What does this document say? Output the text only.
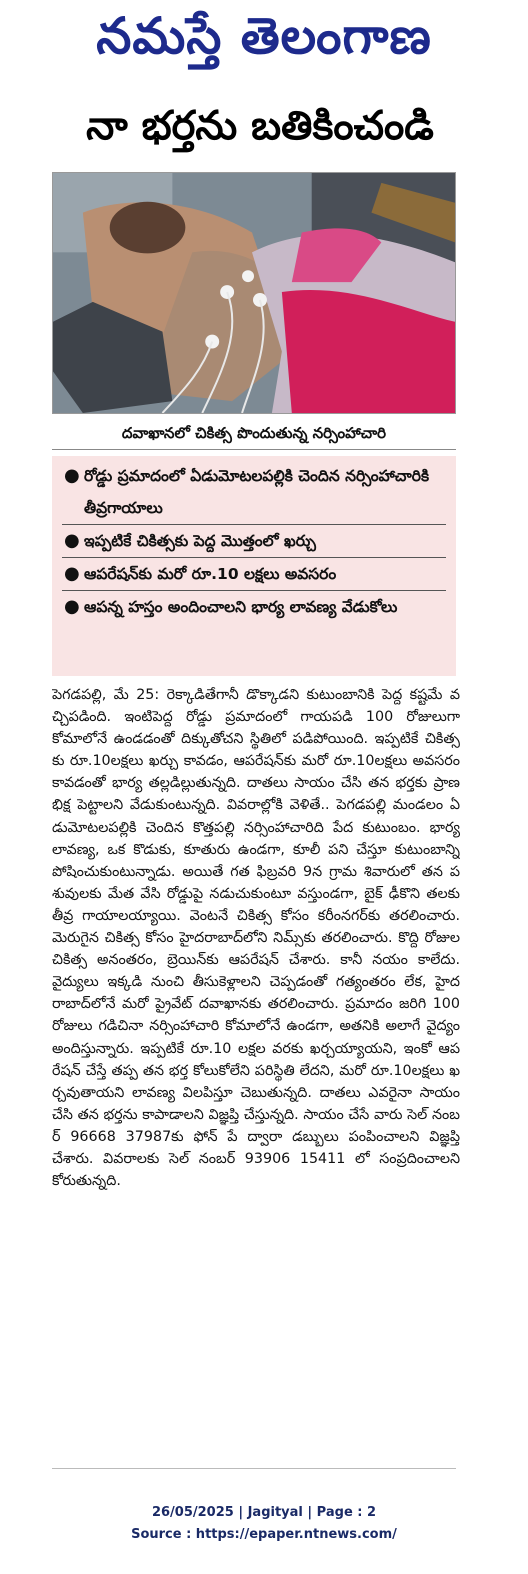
నమస్తే తెలంగాణ
నా భర్తను బతికించండి
దవాఖానలో చికిత్స పొందుతున్న నర్సింహాచారి
● రోడ్డు ప్రమాదంలో ఏడుమోటలపల్లికి చెందిన నర్సింహాచారికి తీవ్రగాయాలు
● ఇప్పటికే చికిత్సకు పెద్ద మొత్తంలో ఖర్చు
● ఆపరేషన్‌కు మరో రూ.10 లక్షలు అవసరం
● ఆపన్న హస్తం అందించాలని భార్య లావణ్య వేడుకోలు
పెగడపల్లి, మే 25: రెక్కాడితేగానీ డొక్కాడని కుటుంబానికి పెద్ద కష్టమే వచ్చిపడింది. ఇంటిపెద్ద రోడ్డు ప్రమాదంలో గాయపడి 100 రోజులుగా కోమాలోనే ఉండడంతో దిక్కుతోచని స్థితిలో పడిపోయింది. ఇప్పటికే చికిత్సకు రూ.10లక్షలు ఖర్చు కావడం, ఆపరేషన్‌కు మరో రూ.10లక్షలు అవసరం కావడంతో భార్య తల్లడిల్లుతున్నది. దాతలు సాయం చేసి తన భర్తకు ప్రాణభిక్ష పెట్టాలని వేడుకుంటున్నది. వివరాల్లోకి వెళితే.. పెగడపల్లి మండలం ఏడుమోటలపల్లికి చెందిన కొత్తపల్లి నర్సింహాచారిది పేద కుటుంబం. భార్య లావణ్య, ఒక కొడుకు, కూతురు ఉండగా, కూలీ పని చేస్తూ కుటుంబాన్ని పోషించుకుంటున్నాడు. అయితే గత ఫిబ్రవరి 9న గ్రామ శివారులో తన పశువులకు మేత వేసి రోడ్డుపై నడుచుకుంటూ వస్తుండగా, బైక్ ఢీకొని తలకు తీవ్ర గాయాలయ్యాయి. వెంటనే చికిత్స కోసం కరీంనగర్‌కు తరలించారు. మెరుగైన చికిత్స కోసం హైదరాబాద్‌లోని నిమ్స్‌కు తరలించారు. కొద్ది రోజుల చికిత్స అనంతరం, బ్రెయిన్‌కు ఆపరేషన్ చేశారు. కానీ నయం కాలేదు. వైద్యులు ఇక్కడి నుంచి తీసుకెళ్లాలని చెప్పడంతో గత్యంతరం లేక, హైదరాబాద్‌లోనే మరో ప్రైవేట్ దవాఖానకు తరలించారు. ప్రమాదం జరిగి 100 రోజులు గడిచినా నర్సింహాచారి కోమాలోనే ఉండగా, అతనికి అలాగే వైద్యం అందిస్తున్నారు. ఇప్పటికే రూ.10 లక్షల వరకు ఖర్చయ్యాయని, ఇంకో ఆపరేషన్ చేస్తే తప్ప తన భర్త కోలుకోలేని పరిస్థితి లేదని, మరో రూ.10లక్షలు ఖర్చవుతాయని లావణ్య విలపిస్తూ చెబుతున్నది. దాతలు ఎవరైనా సాయం చేసి తన భర్తను కాపాడాలని విజ్ఞప్తి చేస్తున్నది. సాయం చేసే వారు సెల్ నంబర్ 96668 37987కు ఫోన్ పే ద్వారా డబ్బులు పంపించాలని విజ్ఞప్తి చేశారు. వివరాలకు సెల్ నంబర్ 93906 15411 లో సంప్రదించాలని కోరుతున్నది.
26/05/2025 | Jagityal | Page : 2
Source : https://epaper.ntnews.com/
